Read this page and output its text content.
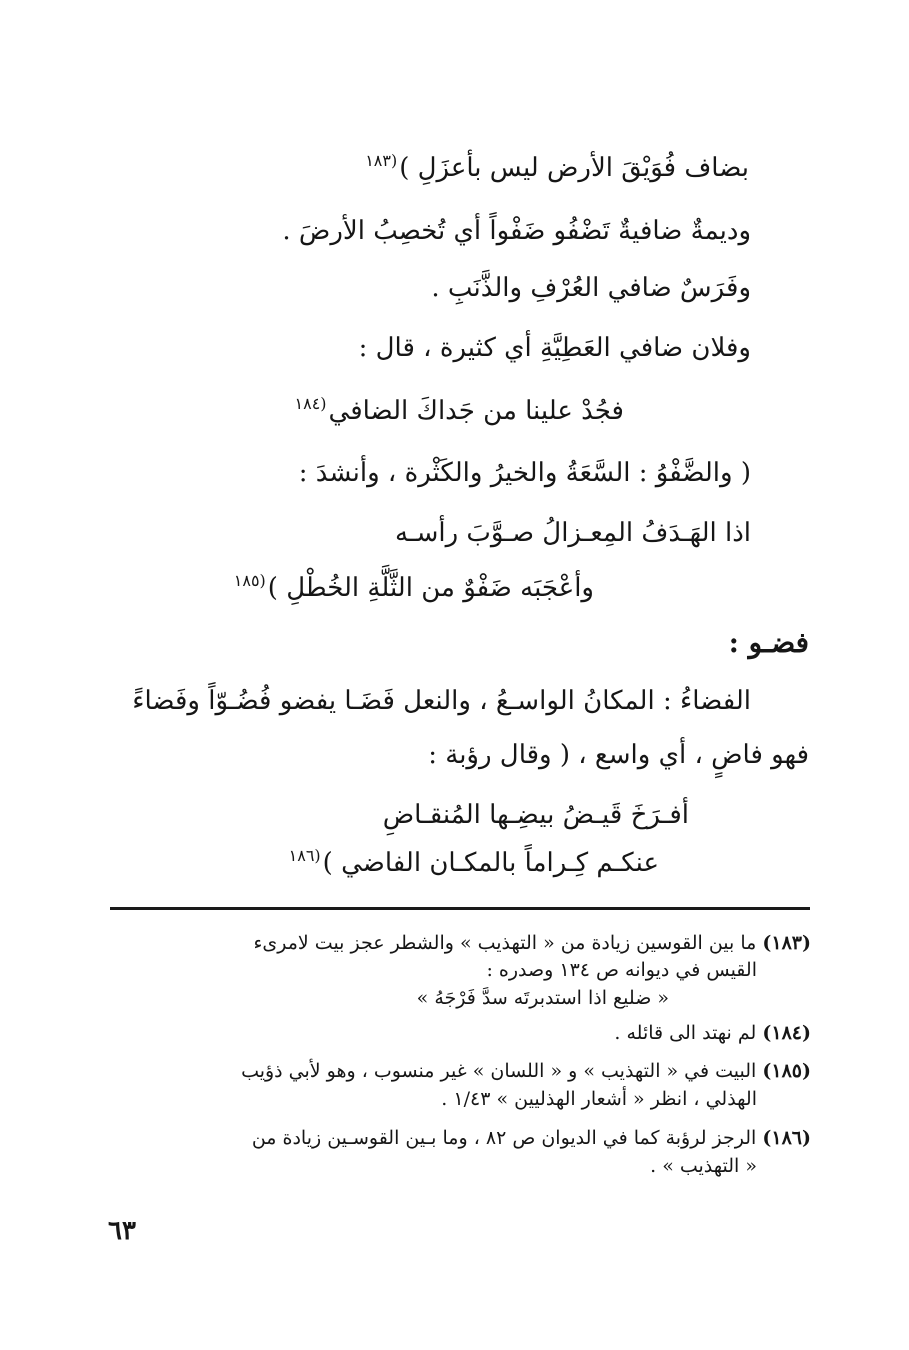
بضاف فُوَيْقَ الأرض ليس بأعزَلِ )$^{(١٨٣}$
وديمةٌ ضافيةٌ تَضْفُو ضَفْواً أي تُخصِبُ الأرضَ .
وفَرَسٌ ضافي العُرْفِ والذَّنَبِ .
وفلان ضافي العَطِيَّةِ أي كثيرة ، قال :
فجُدْ علينا من جَداكَ الضافي$^{(١٨٤}$
( والضَّفْوُ : السَّعَةُ والخيرُ والكَثْرة ، وأنشدَ :
اذا الهَـدَفُ المِعـزالُ صـوَّبَ رأسـه
وأعْجَبَه ضَفْوٌ من الثَّلَّةِ الخُطْلِ )$^{(١٨٥}$
فضـو :
الفضاءُ : المكانُ الواسـعُ ، والنعل فَضَـا يفضو فُضُـوّاً وفَضاءً
فهو فاضٍ ، أي واسع ، ( وقال رؤبة :
أفـرَخَ قَيـضُ بيضِـها المُنقـاضِ
عنكـم كِـراماً بالمكـان الفاضي )$^{(١٨٦}$
(١٨٣) ما بين القوسين زيادة من « التهذيب » والشطر عجز بيت لامرىء
القيس في ديوانه ص ١٣٤ وصدره :
« ضليع اذا استدبرتَه سدَّ فَرْجَهُ »
(١٨٤) لم نهتد الى قائله .
(١٨٥) البيت في « التهذيب » و « اللسان » غير منسوب ، وهو لأبي ذؤيب
الهذلي ، انظر « أشعار الهذليين » ١/٤٣ .
(١٨٦) الرجز لرؤبة كما في الديوان ص ٨٢ ، وما بـين القوسـين زيادة من
« التهذيب » .
٦٣
